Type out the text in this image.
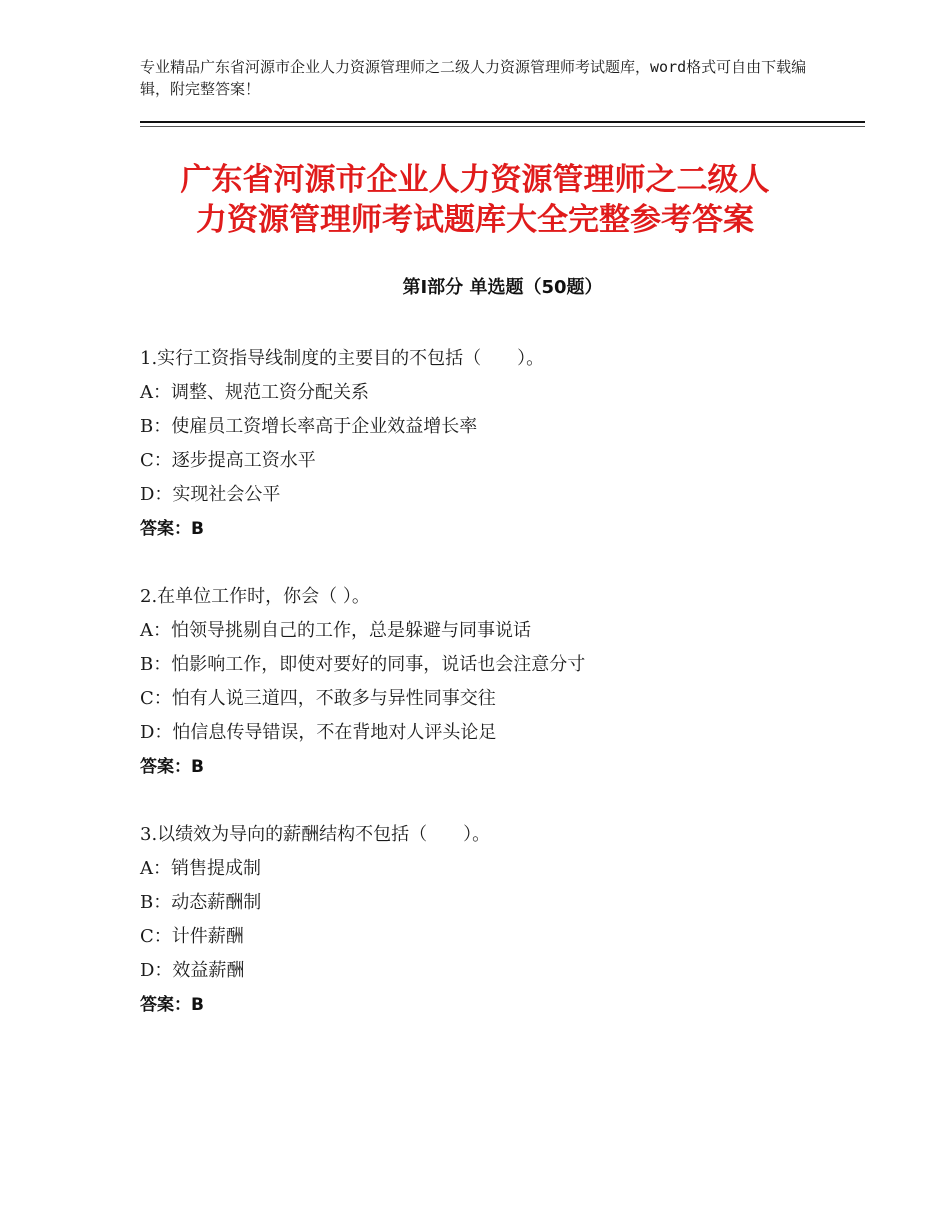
专业精品广东省河源市企业人力资源管理师之二级人力资源管理师考试题库，word格式可自由下载编辑，附完整答案！

广东省河源市企业人力资源管理师之二级人
力资源管理师考试题库大全完整参考答案
第Ⅰ部分 单选题（50题）
1.实行工资指导线制度的主要目的不包括（　　）。
A：调整、规范工资分配关系
B：使雇员工资增长率高于企业效益增长率
C：逐步提高工资水平
D：实现社会公平
答案：B
2.在单位工作时，你会（ ）。
A：怕领导挑剔自己的工作，总是躲避与同事说话
B：怕影响工作，即使对要好的同事，说话也会注意分寸
C：怕有人说三道四，不敢多与异性同事交往
D：怕信息传导错误，不在背地对人评头论足
答案：B
3.以绩效为导向的薪酬结构不包括（　　）。
A：销售提成制
B：动态薪酬制
C：计件薪酬
D：效益薪酬
答案：B
